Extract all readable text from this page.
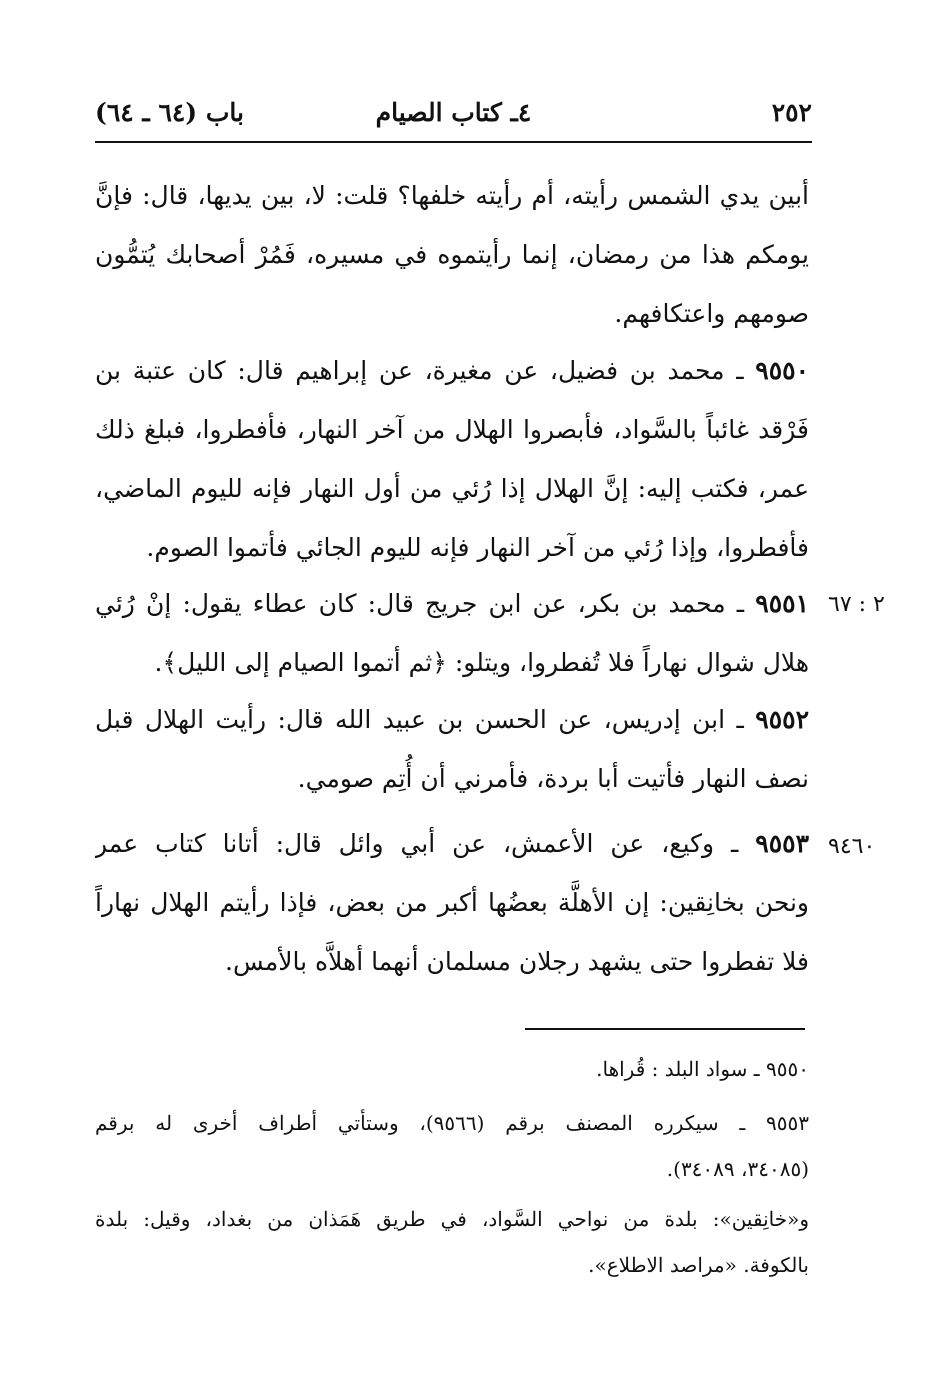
٢٥٢
٤ـ كتاب الصيام
باب (٦٤ ـ ٦٤)
أبين يدي الشمس رأيته، أم رأيته خلفها؟ قلت: لا، بين يديها، قال: فإنَّ
يومكم هذا من رمضان، إنما رأيتموه في مسيره، فَمُرْ أصحابك يُتمُّون
صومهم واعتكافهم.
٩٥٥٠ ـ محمد بن فضيل، عن مغيرة، عن إبراهيم قال: كان عتبة بن
فَرْقد غائباً بالسَّواد، فأبصروا الهلال من آخر النهار، فأفطروا، فبلغ ذلك
عمر، فكتب إليه: إنَّ الهلال إذا رُئي من أول النهار فإنه لليوم الماضي،
فأفطروا، وإذا رُئي من آخر النهار فإنه لليوم الجائي فأتموا الصوم.
٢ : ٦٧
٩٥٥١ ـ محمد بن بكر، عن ابن جريج قال: كان عطاء يقول: إنْ رُئي
هلال شوال نهاراً فلا تُفطروا، ويتلو: ﴿ثم أتموا الصيام إلى الليل﴾.
٩٥٥٢ ـ ابن إدريس، عن الحسن بن عبيد الله قال: رأيت الهلال قبل
نصف النهار فأتيت أبا بردة، فأمرني أن أُتِم صومي.
٩٤٦٠
٩٥٥٣ ـ وكيع، عن الأعمش، عن أبي وائل قال: أتانا كتاب عمر
ونحن بخانِقين: إن الأهلَّة بعضُها أكبر من بعض، فإذا رأيتم الهلال نهاراً
فلا تفطروا حتى يشهد رجلان مسلمان أنهما أهلاَّه بالأمس.
٩٥٥٠ ـ سواد البلد : قُراها.
٩٥٥٣ ـ سيكرره المصنف برقم (٩٥٦٦)، وستأتي أطراف أخرى له برقم
(٣٤٠٨٥، ٣٤٠٨٩).
و«خانِقين»: بلدة من نواحي السَّواد، في طريق هَمَذان من بغداد، وقيل: بلدة
بالكوفة. «مراصد الاطلاع».
